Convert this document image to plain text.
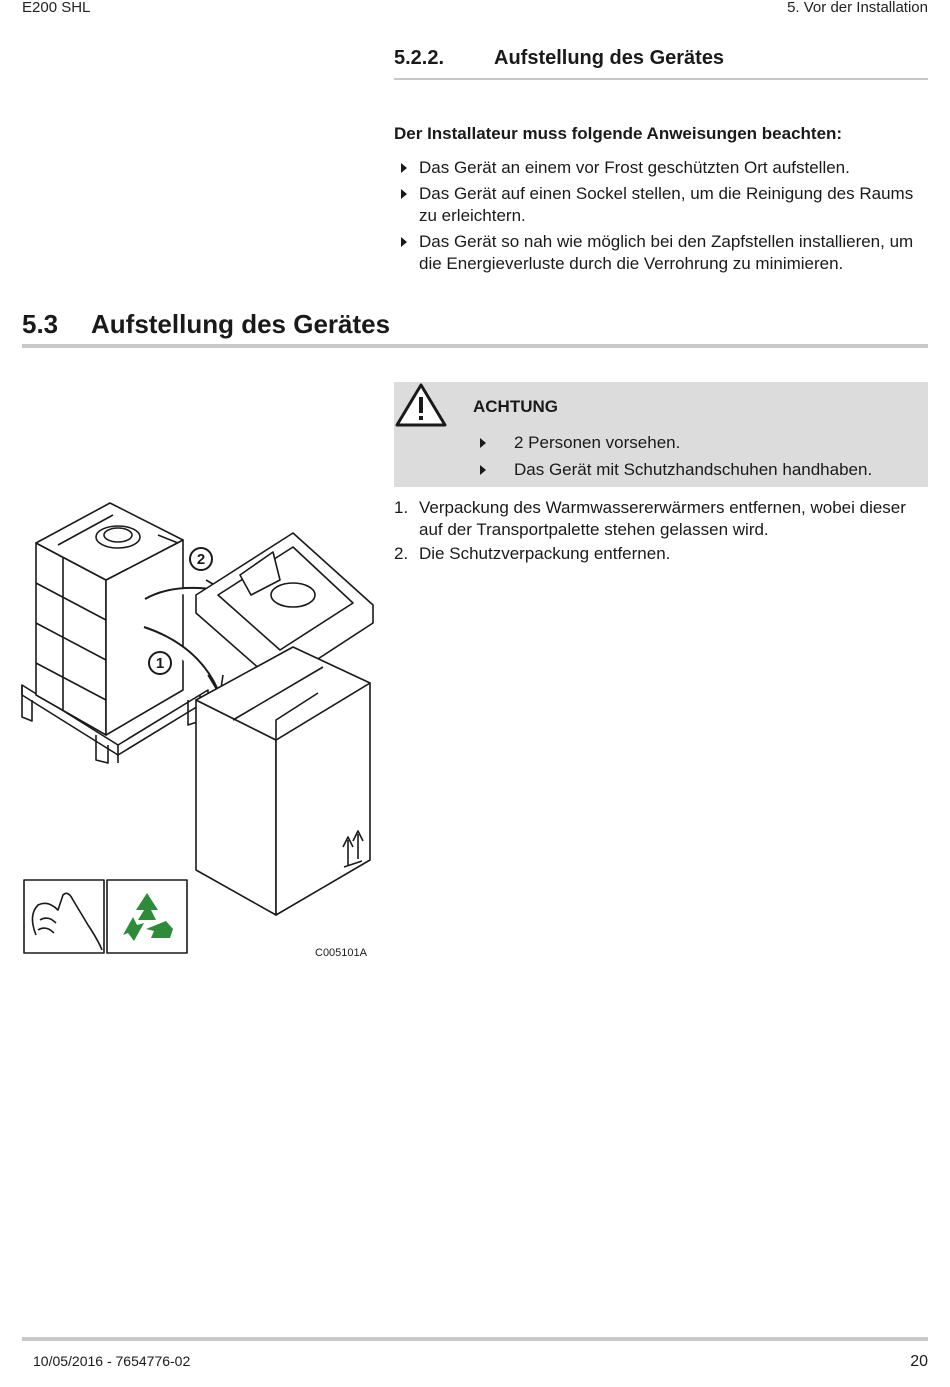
E200 SHL	5. Vor der Installation
5.2.2. Aufstellung des Gerätes
Der Installateur muss folgende Anweisungen beachten:
Das Gerät an einem vor Frost geschützten Ort aufstellen.
Das Gerät auf einen Sockel stellen, um die Reinigung des Raums zu erleichtern.
Das Gerät so nah wie möglich bei den Zapfstellen installieren, um die Energieverluste durch die Verrohrung zu minimieren.
5.3 Aufstellung des Gerätes
ACHTUNG
2 Personen vorsehen.
Das Gerät mit Schutzhandschuhen handhaben.
1. Verpackung des Warmwassererwärmers entfernen, wobei dieser auf der Transportpalette stehen gelassen wird.
2. Die Schutzverpackung entfernen.
2
1
C005101A
10/05/2016 - 7654776-02	20
